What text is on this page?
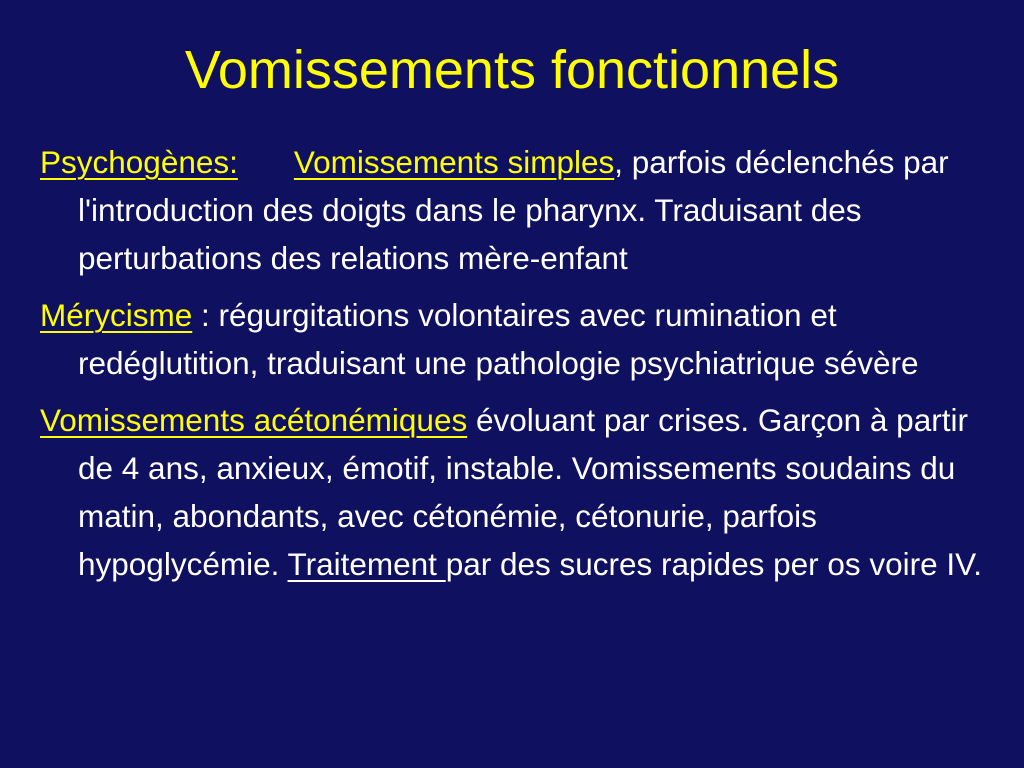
Vomissements fonctionnels

Psychogènes: Vomissements simples, parfois déclenchés par l'introduction des doigts dans le pharynx. Traduisant des perturbations des relations mère-enfant

Mérycisme : régurgitations volontaires avec rumination et redéglutition, traduisant une pathologie psychiatrique sévère

Vomissements acétonémiques évoluant par crises. Garçon à partir de 4 ans, anxieux, émotif, instable. Vomissements soudains du matin, abondants, avec cétonémie, cétonurie, parfois hypoglycémie. Traitement par des sucres rapides per os voire IV.
